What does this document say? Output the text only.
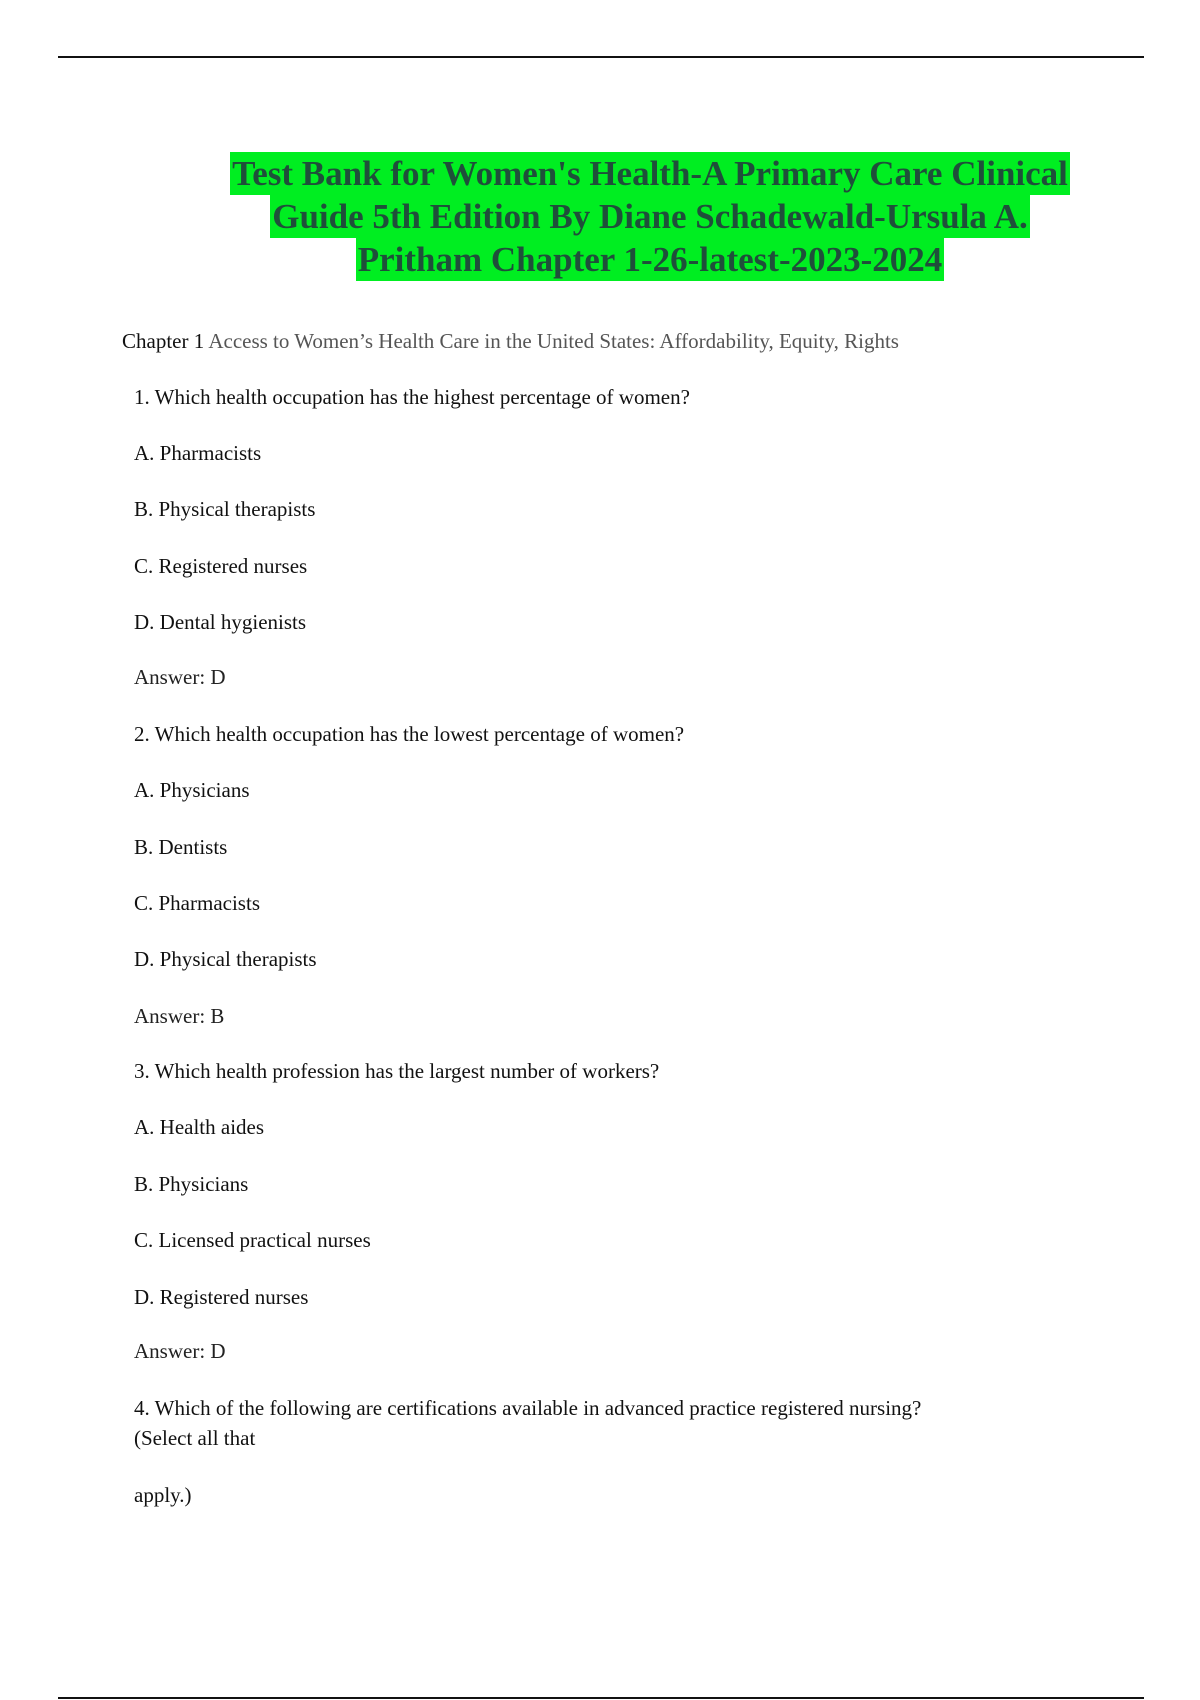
Test Bank for Women's Health-A Primary Care Clinical
Guide 5th Edition By Diane Schadewald-Ursula A.
Pritham Chapter 1-26-latest-2023-2024
Chapter 1 Access to Women’s Health Care in the United States: Affordability, Equity, Rights
1. Which health occupation has the highest percentage of women?
A. Pharmacists
B. Physical therapists
C. Registered nurses
D. Dental hygienists
Answer: D
2. Which health occupation has the lowest percentage of women?
A. Physicians
B. Dentists
C. Pharmacists
D. Physical therapists
Answer: B
3. Which health profession has the largest number of workers?
A. Health aides
B. Physicians
C. Licensed practical nurses
D. Registered nurses
Answer: D
4. Which of the following are certifications available in advanced practice registered nursing?
(Select all that
apply.)
